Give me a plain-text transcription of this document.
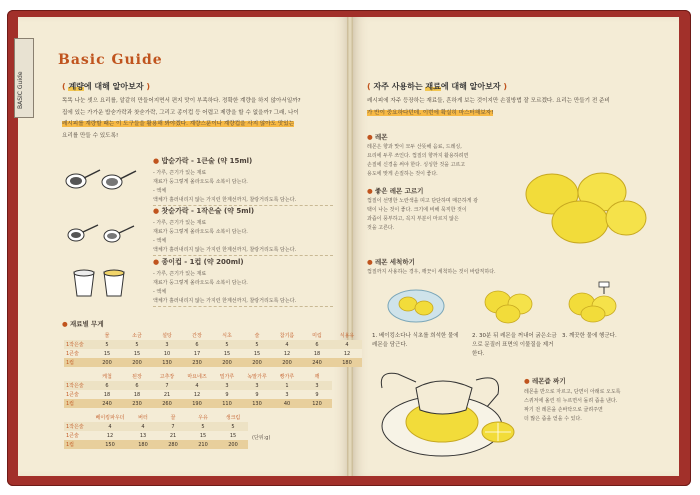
BASIC Guide
Basic Guide
( 계량에 대해 알아보자 )
똑똑 나눈 셋으 요리를, 알같히 만들어지면서 편지 맛이 부족하다. 정확한 계량을 하지 않아서일까?
집에 있는 가가운 밥숟가락과 찻숟가락, 그리고 종이컵 등 어렵고 제량을 할 수 없을까? 그래, 나이
레시피를 계량할 때는 이 도구들을 활용해 봐야겠다. 계량스푼이나 계량컵을 사지 않아도 맛있는
요리를 만들 수 있도록!
● 밥숟가락 - 1큰술 (약 15ml)
- 가루, 끈기가 있는 재료
재료가 둥그렇게 올라오도록 소복이 담는다.
- 액체
액체가 흘러내리지 않는 가지런 한계선까지, 찰랑거리도록 담는다.
● 찻숟가락 - 1작은술 (약 5ml)
- 가루, 끈기가 있는 재료
재료가 둥그렇게 올라오도록 소복이 담는다.
- 액체
액체가 흘러내리지 않는 가지런 한계선까지, 찰랑거리도록 담는다.
● 종이컵 - 1컵 (약 200ml)
- 가루, 끈기가 있는 재료
재료가 둥그렇게 올라오도록 소복이 담는다.
- 액체
액체가 흘러내리지 않는 가지런 한계선까지, 찰랑거리도록 담는다.
● 재료별 무게
	물	소금	설탕	간장	식초	술	참기름	미림	식용유
1작은술	5	5	3	6	5	5	4	6	4
1큰술	15	15	10	17	15	15	12	18	12
1컵	200	200	130	230	200	200	200	240	180
	케첩	된장	고추장	마요네즈	밀가루	녹말가루	빵가루	깨
1작은술	6	6	7	4	3	3	1	3
1큰술	18	18	21	12	9	9	3	9
1컵	240	230	260	190	110	130	40	120
	베이킹파우더	버터	꿀	우유	생크림
1작은술	4	4	7	5	5
1큰술	12	13	21	15	15
1컵	150	180	280	210	200
(단위:g)
( 자주 사용하는 재료에 대해 알아보자 )
레시피에 자주 등장하는 재료들, 흔하게 보는 것이지만 손질방법 잘 모르겠다. 요리는 만들기 전 준비
가 반이 중요하다던데, 이번에 확실히 마스터해보자!
● 레몬
레몬은 향과 맛이 모두 산뜻해 음료, 드레싱,
요리에 두루 쓰인다. 껍질의 향까지 활용하려면
손질에 신경을 써야 한다. 싱싱한 것을 고르고
용도에 맞게 손질하는 것이 좋다.
● 좋은 레몬 고르기
껍질이 선명한 노란색을 띠고 단단하며 매끈하게 광
택이 나는 것이 좋다. 크기에 비해 묵직한 것이
과즙이 풍부하고, 꼭지 부분이 마르지 않은
것을 고른다.
● 레몬 세척하기
껍질까지 사용하는 경우, 깨끗이 세척하는 것이 바람직하다.
1. 베이킹소다나 식초를 희석한 물에 레몬을 담근다.
2. 30분 뒤 레몬을 꺼내어 굵은소금으로 문질러 표면의 이물질을 제거한다.
3. 깨끗한 물에 헹군다.
● 레몬즙 짜기
레몬을 반으로 자르고, 단면이 아래로 오도록
스퀴저에 올린 뒤 누르면서 돌려 즙을 낸다.
짜기 전 레몬을 손바닥으로 굴려주면
더 많은 즙을 얻을 수 있다.
